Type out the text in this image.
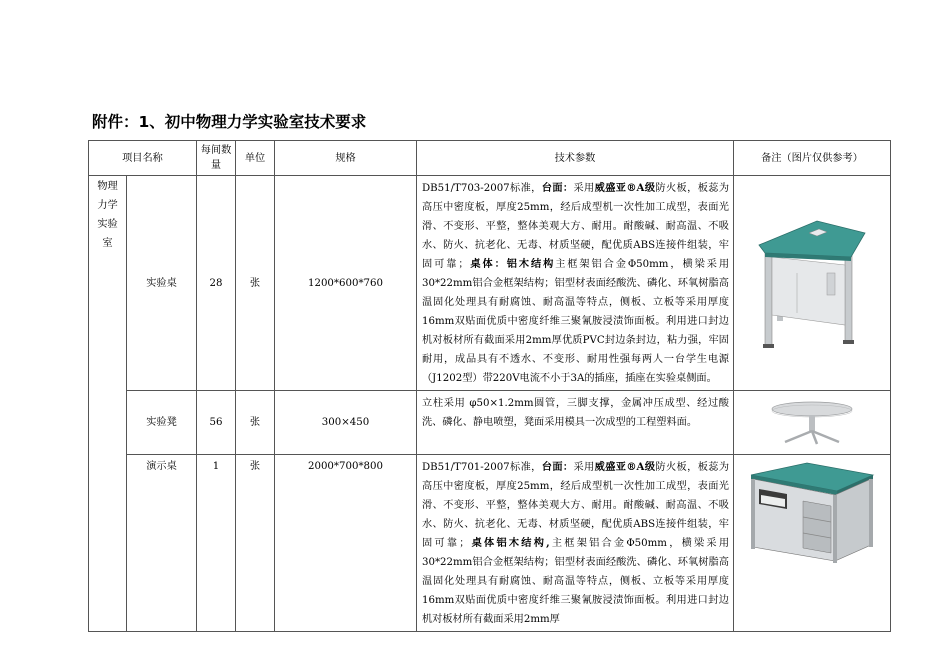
附件：1、初中物理力学实验室技术要求
项目名称		每间数量	单位	规格	技术参数	备注（图片仅供参考）

物理力学实验室	实验桌	28	张	1200*600*760	DB51/T703-2007标准，台面：采用威盛亚®A级防火板，板蕊为高压中密度板，厚度25mm，经后成型机一次性加工成型，表面光滑、不变形、平整，整体美观大方、耐用。耐酸碱、耐高温、不吸水、防火、抗老化、无毒、材质坚硬，配优质ABS连接件组装，牢固可靠；桌体：铝木结构主框架铝合金Φ50mm，横梁采用30*22mm铝合金框架结构；铝型材表面经酸洗、磷化、环氧树脂高温固化处理具有耐腐蚀、耐高温等特点，侧板、立板等采用厚度16mm双贴面优质中密度纤维三聚氰胺浸渍饰面板。利用进口封边机对板材所有截面采用2mm厚优质PVC封边条封边，粘力强，牢固耐用，成品具有不透水、不变形、耐用性强每两人一台学生电源（J1202型）带220V电流不小于3A的插座，插座在实验桌侧面。	

	实验凳	56	张	300×450	立柱采用 φ50×1.2mm圆管，三脚支撑，金属冲压成型、经过酸洗、磷化、静电喷塑，凳面采用模具一次成型的工程塑料面。	

	演示桌	1	张	2000*700*800	DB51/T701-2007标准，台面：采用威盛亚®A级防火板，板蕊为高压中密度板，厚度25mm，经后成型机一次性加工成型，表面光滑、不变形、平整，整体美观大方、耐用。耐酸碱、耐高温、不吸水、防火、抗老化、无毒、材质坚硬，配优质ABS连接件组装，牢固可靠；桌体铝木结构,主框架铝合金Φ50mm，横梁采用30*22mm铝合金框架结构；铝型材表面经酸洗、磷化、环氧树脂高温固化处理具有耐腐蚀、耐高温等特点，侧板、立板等采用厚度16mm双贴面优质中密度纤维三聚氰胺浸渍饰面板。利用进口封边机对板材所有截面采用2mm厚	
